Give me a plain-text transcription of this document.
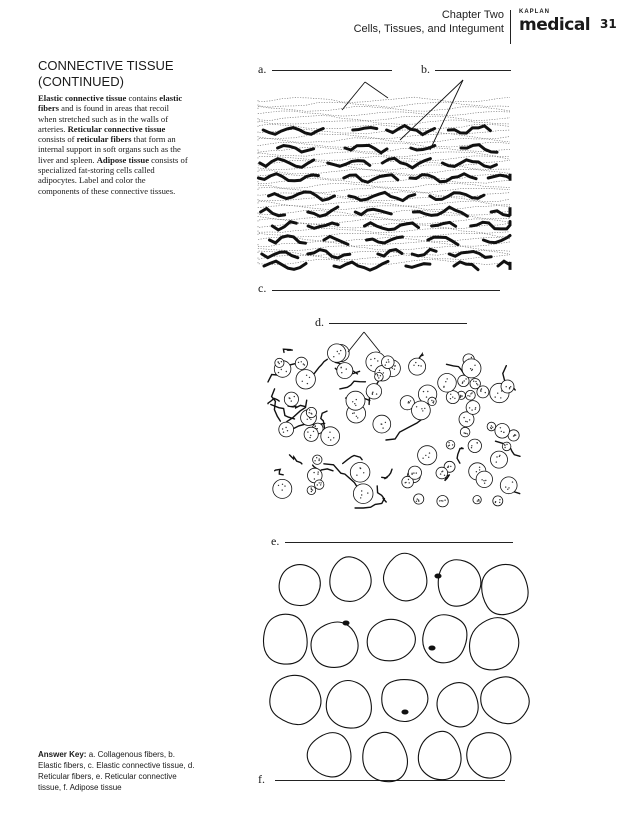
Chapter Two
Cells, Tissues, and Integument
KAPLAN
medical 31
CONNECTIVE TISSUE
(CONTINUED)
Elastic connective tissue contains elastic fibers and is found in areas that recoil when stretched such as in the walls of arteries. Reticular connective tissue consists of reticular fibers that form an internal support in soft organs such as the liver and spleen. Adipose tissue consists of specialized fat-storing cells called adipocytes. Label and color the components of these connective tissues.
Answer Key: a. Collagenous fibers, b. Elastic fibers, c. Elastic connective tissue, d. Reticular fibers, e. Reticular connective tissue, f. Adipose tissue
a.	b.
c.
d.
e.
f.
